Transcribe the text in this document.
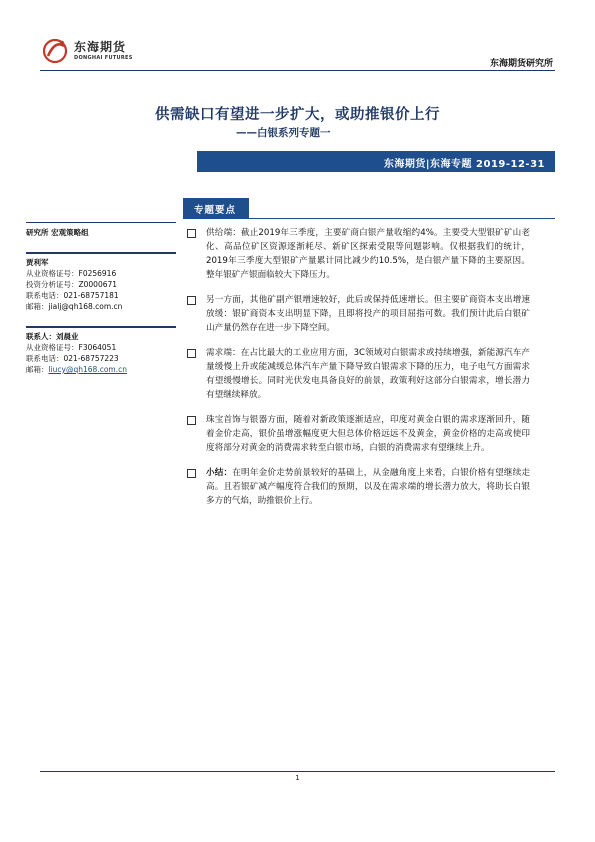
东海期货
DONGHAI FUTURES
东海期货研究所
供需缺口有望进一步扩大，或助推银价上行
——白银系列专题一
东海期货|东海专题 2019-12-31
研究所 宏观策略组
贾利军
从业资格证号：F0256916
投资分析证号：Z0000671
联系电话：021-68757181
邮箱：jialj@qh168.com.cn
联系人：刘晨业
从业资格证号：F3064051
联系电话：021-68757223
邮箱：liucy@qh168.com.cn
专题要点
供给端：截止2019年三季度，主要矿商白银产量收缩约4%。主要受大型银矿矿山老化、高品位矿区资源逐渐耗尽、新矿区探索受限等问题影响。仅根据我们的统计，2019年三季度大型银矿产量累计同比减少约10.5%，是白银产量下降的主要原因。整年银矿产银面临较大下降压力。
另一方面，其他矿副产银增速较好，此后或保持低速增长。但主要矿商资本支出增速放缓：银矿商资本支出明显下降，且即将投产的项目屈指可数。我们预计此后白银矿山产量仍然存在进一步下降空间。
需求端：在占比最大的工业应用方面，3C领域对白银需求或持续增强，新能源汽车产量缓慢上升或能减缓总体汽车产量下降导致白银需求下降的压力，电子电气方面需求有望缓慢增长。同时光伏发电具备良好的前景，政策利好这部分白银需求，增长潜力有望继续释放。
珠宝首饰与银器方面，随着对新政策逐渐适应，印度对黄金白银的需求逐渐回升，随着金价走高，银价虽增涨幅度更大但总体价格远远不及黄金，黄金价格的走高或使印度将部分对黄金的消费需求转至白银市场，白银的消费需求有望继续上升。
小结：在明年金价走势前景较好的基础上，从金融角度上来看，白银价格有望继续走高。且若银矿减产幅度符合我们的预期，以及在需求端的增长潜力放大，将助长白银多方的气焰，助推银价上行。
1
